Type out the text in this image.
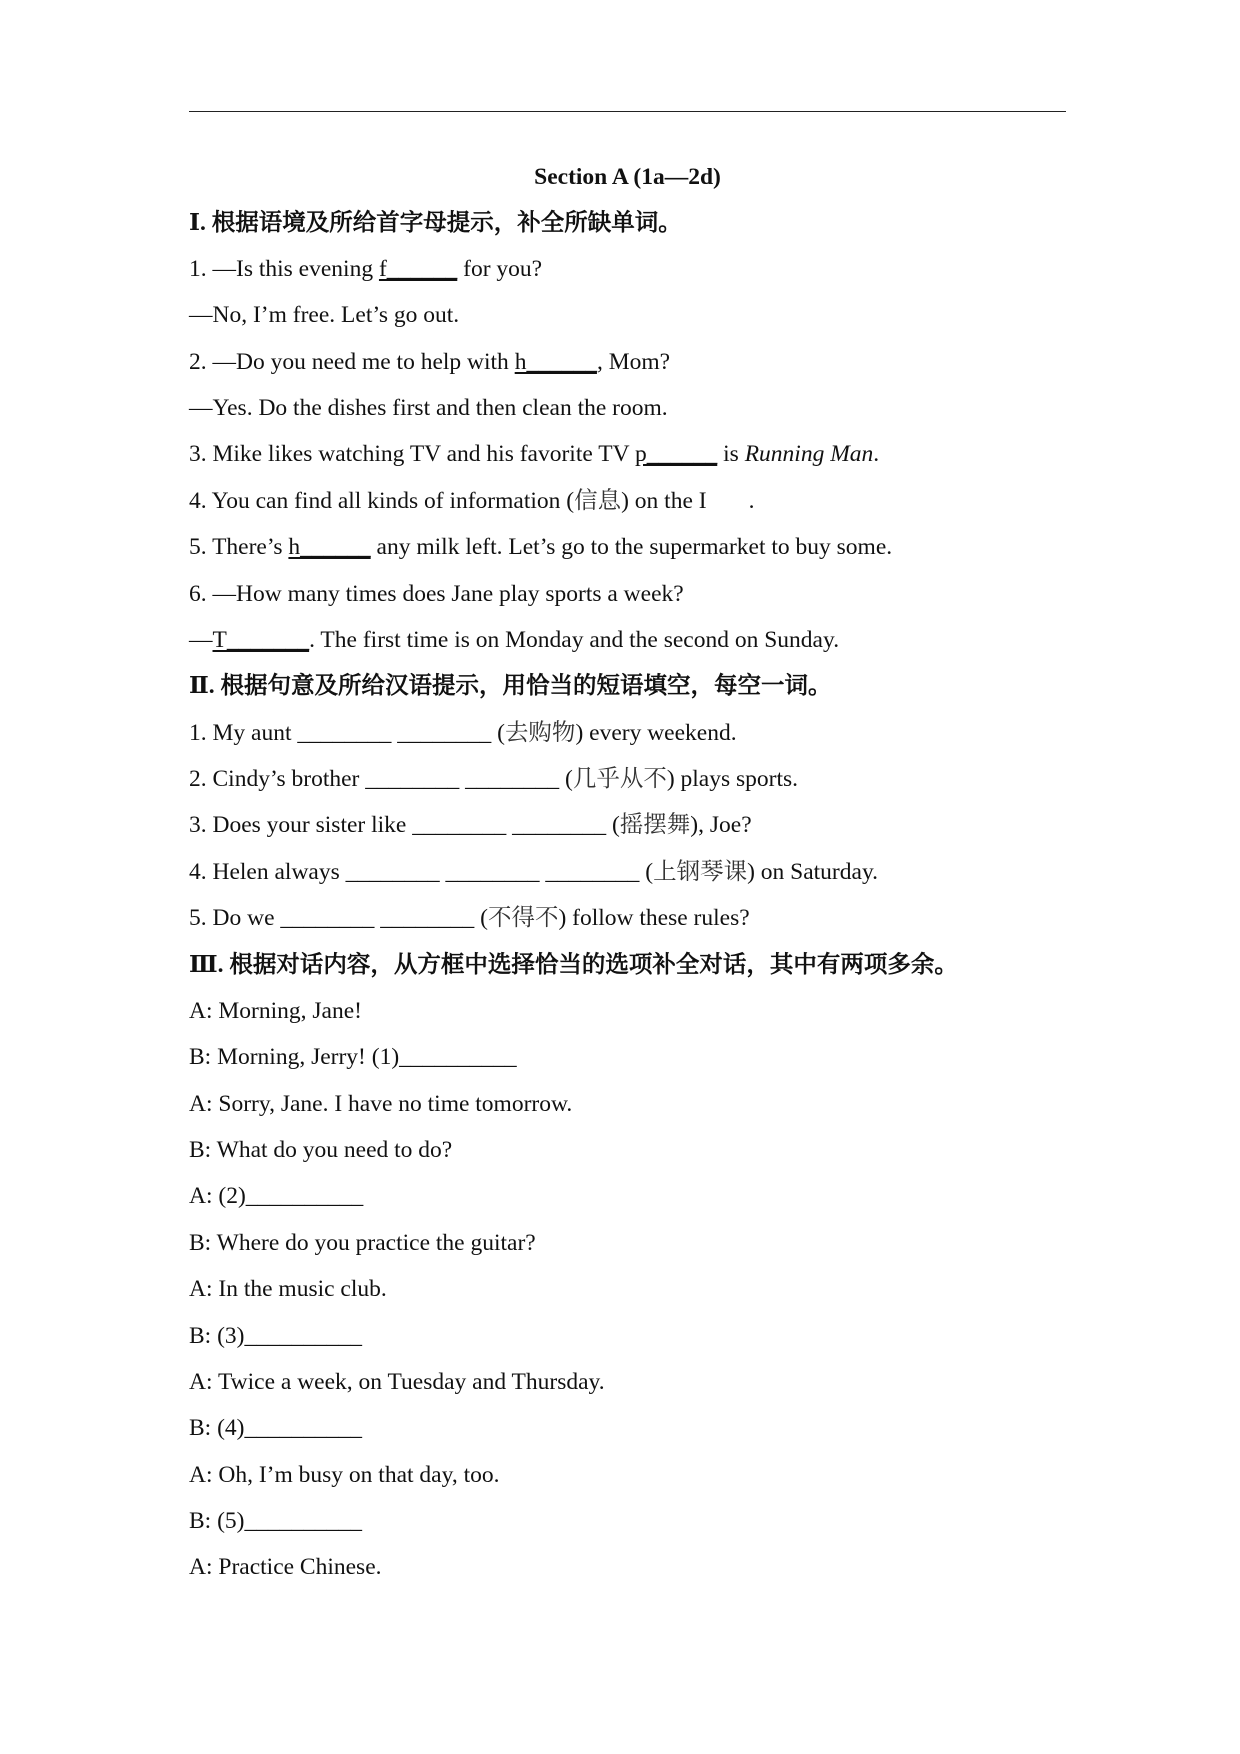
Section A (1a—2d)
Ⅰ. 根据语境及所给首字母提示，补全所缺单词。
1. —Is this evening f______ for you?
—No, I’m free. Let’s go out.
2. —Do you need me to help with h______, Mom?
—Yes. Do the dishes first and then clean the room.
3. Mike likes watching TV and his favorite TV p______ is Running Man.
4. You can find all kinds of information (信息) on the I .
5. There’s h______ any milk left. Let’s go to the supermarket to buy some.
6. —How many times does Jane play sports a week?
—T_______. The first time is on Monday and the second on Sunday.
Ⅱ. 根据句意及所给汉语提示，用恰当的短语填空，每空一词。
1. My aunt ________ ________ (去购物) every weekend.
2. Cindy’s brother ________ ________ (几乎从不) plays sports.
3. Does your sister like ________ ________ (摇摆舞), Joe?
4. Helen always ________ ________ ________ (上钢琴课) on Saturday.
5. Do we ________ ________ (不得不) follow these rules?
Ⅲ. 根据对话内容，从方框中选择恰当的选项补全对话，其中有两项多余。
A: Morning, Jane!
B: Morning, Jerry! (1)__________
A: Sorry, Jane. I have no time tomorrow.
B: What do you need to do?
A: (2)__________
B: Where do you practice the guitar?
A: In the music club.
B: (3)__________
A: Twice a week, on Tuesday and Thursday.
B: (4)__________
A: Oh, I’m busy on that day, too.
B: (5)__________
A: Practice Chinese.
